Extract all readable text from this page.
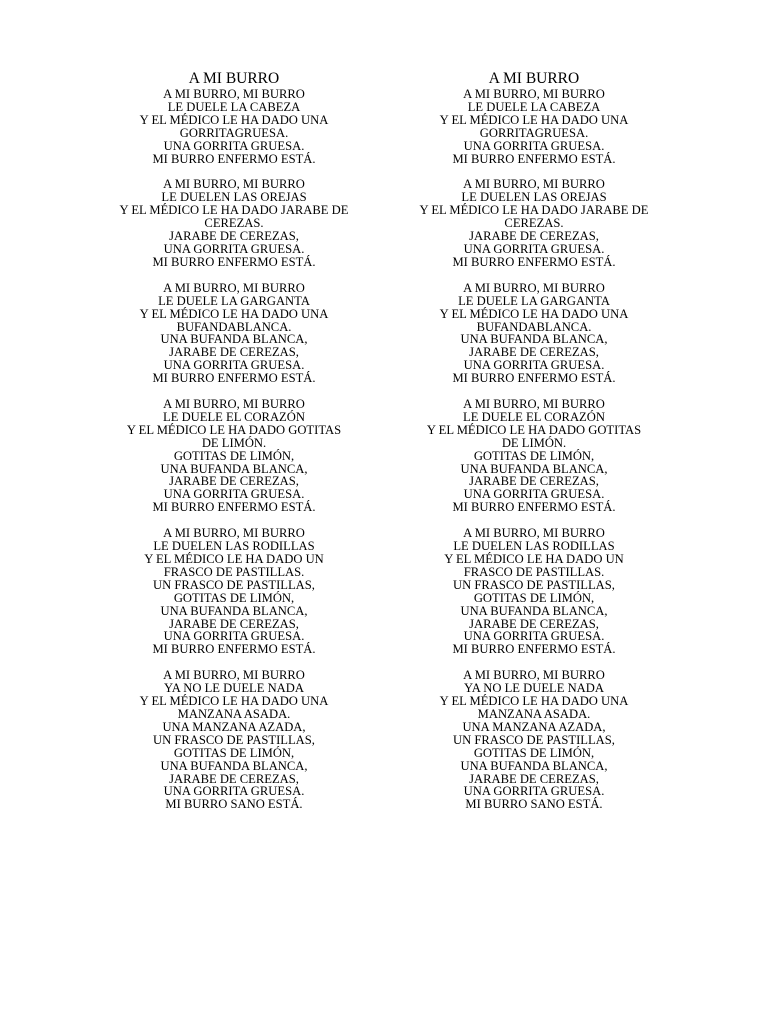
A MI BURRO
A MI BURRO, MI BURRO
LE DUELE LA CABEZA
Y EL MÉDICO LE HA DADO UNA
GORRITAGRUESA.
UNA GORRITA GRUESA.
MI BURRO ENFERMO ESTÁ.
A MI BURRO, MI BURRO
LE DUELEN LAS OREJAS
Y EL MÉDICO LE HA DADO JARABE DE
CEREZAS.
JARABE DE CEREZAS,
UNA GORRITA GRUESA.
MI BURRO ENFERMO ESTÁ.
A MI BURRO, MI BURRO
LE DUELE LA GARGANTA
Y EL MÉDICO LE HA DADO UNA
BUFANDABLANCA.
UNA BUFANDA BLANCA,
JARABE DE CEREZAS,
UNA GORRITA GRUESA.
MI BURRO ENFERMO ESTÁ.
A MI BURRO, MI BURRO
LE DUELE EL CORAZÓN
Y EL MÉDICO LE HA DADO GOTITAS
DE LIMÓN.
GOTITAS DE LIMÓN,
UNA BUFANDA BLANCA,
JARABE DE CEREZAS,
UNA GORRITA GRUESA.
MI BURRO ENFERMO ESTÁ.
A MI BURRO, MI BURRO
LE DUELEN LAS RODILLAS
Y EL MÉDICO LE HA DADO UN
FRASCO DE PASTILLAS.
UN FRASCO DE PASTILLAS,
GOTITAS DE LIMÓN,
UNA BUFANDA BLANCA,
JARABE DE CEREZAS,
UNA GORRITA GRUESA.
MI BURRO ENFERMO ESTÁ.
A MI BURRO, MI BURRO
YA NO LE DUELE NADA
Y EL MÉDICO LE HA DADO UNA
MANZANA ASADA.
UNA MANZANA AZADA,
UN FRASCO DE PASTILLAS,
GOTITAS DE LIMÓN,
UNA BUFANDA BLANCA,
JARABE DE CEREZAS,
UNA GORRITA GRUESA.
MI BURRO SANO ESTÁ.
A MI BURRO
A MI BURRO, MI BURRO
LE DUELE LA CABEZA
Y EL MÉDICO LE HA DADO UNA
GORRITAGRUESA.
UNA GORRITA GRUESA.
MI BURRO ENFERMO ESTÁ.
A MI BURRO, MI BURRO
LE DUELEN LAS OREJAS
Y EL MÉDICO LE HA DADO JARABE DE
CEREZAS.
JARABE DE CEREZAS,
UNA GORRITA GRUESA.
MI BURRO ENFERMO ESTÁ.
A MI BURRO, MI BURRO
LE DUELE LA GARGANTA
Y EL MÉDICO LE HA DADO UNA
BUFANDABLANCA.
UNA BUFANDA BLANCA,
JARABE DE CEREZAS,
UNA GORRITA GRUESA.
MI BURRO ENFERMO ESTÁ.
A MI BURRO, MI BURRO
LE DUELE EL CORAZÓN
Y EL MÉDICO LE HA DADO GOTITAS
DE LIMÓN.
GOTITAS DE LIMÓN,
UNA BUFANDA BLANCA,
JARABE DE CEREZAS,
UNA GORRITA GRUESA.
MI BURRO ENFERMO ESTÁ.
A MI BURRO, MI BURRO
LE DUELEN LAS RODILLAS
Y EL MÉDICO LE HA DADO UN
FRASCO DE PASTILLAS.
UN FRASCO DE PASTILLAS,
GOTITAS DE LIMÓN,
UNA BUFANDA BLANCA,
JARABE DE CEREZAS,
UNA GORRITA GRUESA.
MI BURRO ENFERMO ESTÁ.
A MI BURRO, MI BURRO
YA NO LE DUELE NADA
Y EL MÉDICO LE HA DADO UNA
MANZANA ASADA.
UNA MANZANA AZADA,
UN FRASCO DE PASTILLAS,
GOTITAS DE LIMÓN,
UNA BUFANDA BLANCA,
JARABE DE CEREZAS,
UNA GORRITA GRUESA.
MI BURRO SANO ESTÁ.
